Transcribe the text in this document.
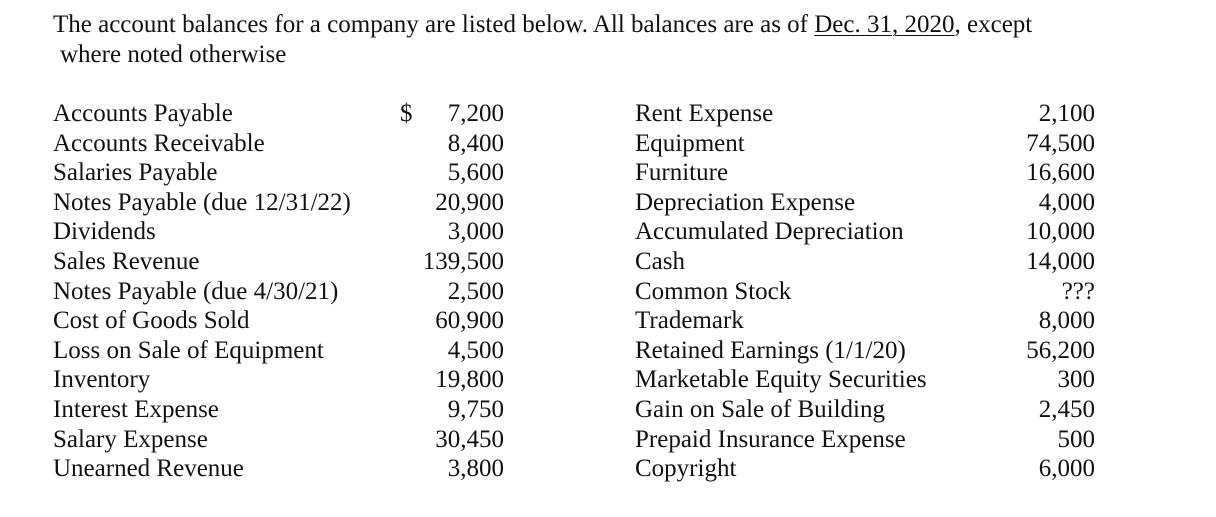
The account balances for a company are listed below. All balances are as of Dec. 31, 2020, except
where noted otherwise
Accounts Payable	$ 7,200
Accounts Receivable	8,400
Salaries Payable	5,600
Notes Payable (due 12/31/22)	20,900
Dividends	3,000
Sales Revenue	139,500
Notes Payable (due 4/30/21)	2,500
Cost of Goods Sold	60,900
Loss on Sale of Equipment	4,500
Inventory	19,800
Interest Expense	9,750
Salary Expense	30,450
Unearned Revenue	3,800
Rent Expense	2,100
Equipment	74,500
Furniture	16,600
Depreciation Expense	4,000
Accumulated Depreciation	10,000
Cash	14,000
Common Stock	???
Trademark	8,000
Retained Earnings (1/1/20)	56,200
Marketable Equity Securities	300
Gain on Sale of Building	2,450
Prepaid Insurance Expense	500
Copyright	6,000
